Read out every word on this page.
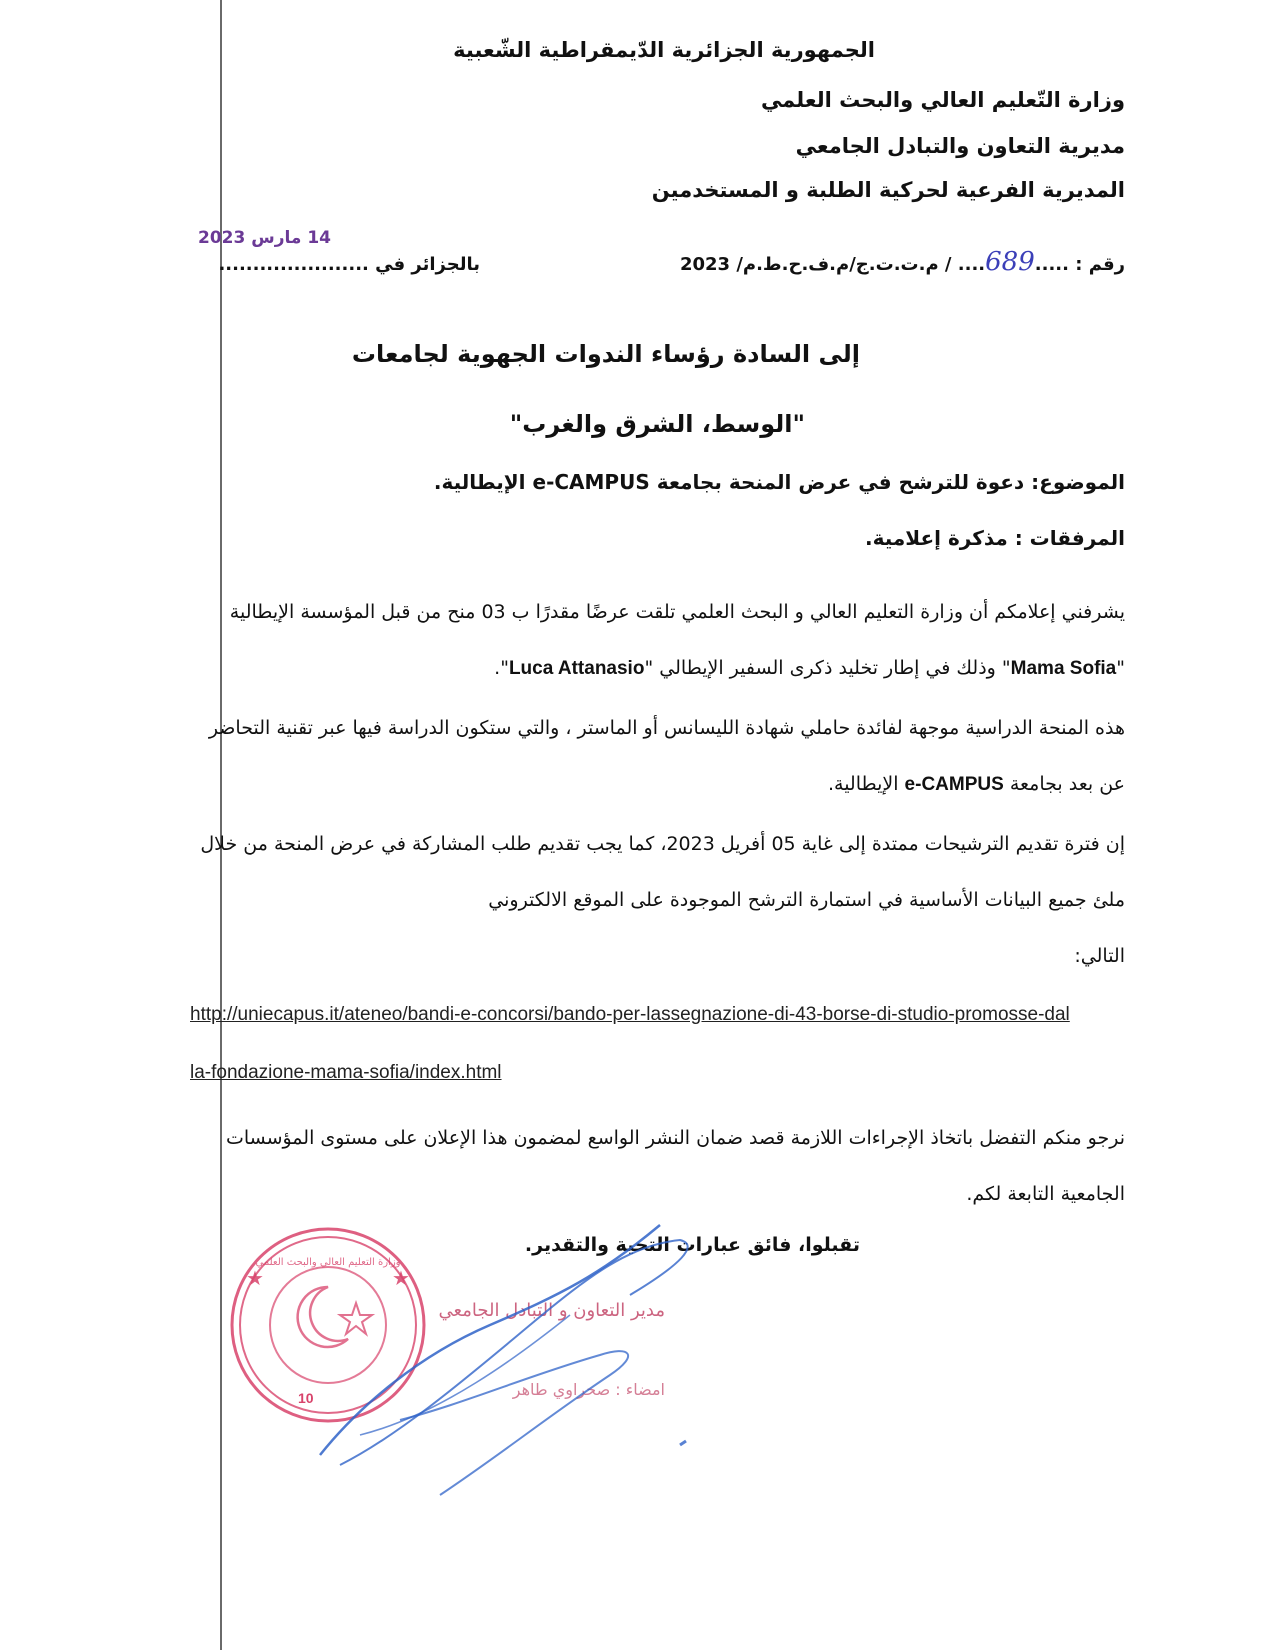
الجمهورية الجزائرية الدّيمقراطية الشّعبية
وزارة التّعليم العالي والبحث العلمي
مديرية التعاون والتبادل الجامعي
المديرية الفرعية لحركية الطلبة و المستخدمين
رقم : .....689.... / م.ت.ت.ج/م.ف.ح.ط.م/ 2023
بالجزائر في ......................
14 مارس 2023
إلى السادة رؤساء الندوات الجهوية لجامعات
"الوسط، الشرق والغرب"
الموضوع: دعوة للترشح في عرض المنحة بجامعة e-CAMPUS الإيطالية.
المرفقات : مذكرة إعلامية.
يشرفني إعلامكم أن وزارة التعليم العالي و البحث العلمي تلقت عرضًا مقدرًا ب 03 منح من قبل المؤسسة الإيطالية "Mama Sofia" وذلك في إطار تخليد ذكرى السفير الإيطالي "Luca Attanasio".
هذه المنحة الدراسية موجهة لفائدة حاملي شهادة الليسانس أو الماستر ، والتي ستكون الدراسة فيها عبر تقنية التحاضر عن بعد بجامعة e-CAMPUS الإيطالية.
إن فترة تقديم الترشيحات ممتدة إلى غاية 05 أفريل 2023، كما يجب تقديم طلب المشاركة في عرض المنحة من خلال ملئ جميع البيانات الأساسية في استمارة الترشح الموجودة على الموقع الالكتروني
التالي:
http://uniecapus.it/ateneo/bandi-e-concorsi/bando-per-lassegnazione-di-43-borse-di-studio-promosse-dalla-fondazione-mama-sofia/index.html
نرجو منكم التفضل باتخاذ الإجراءات اللازمة قصد ضمان النشر الواسع لمضمون هذا الإعلان على مستوى المؤسسات الجامعية التابعة لكم.
تقبلوا، فائق عبارات التحية والتقدير.
مدير التعاون و التبادل الجامعي
امضاء : صحراوي طاهر
★	★
10
وزارة التعليم العالي والبحث العلمي
